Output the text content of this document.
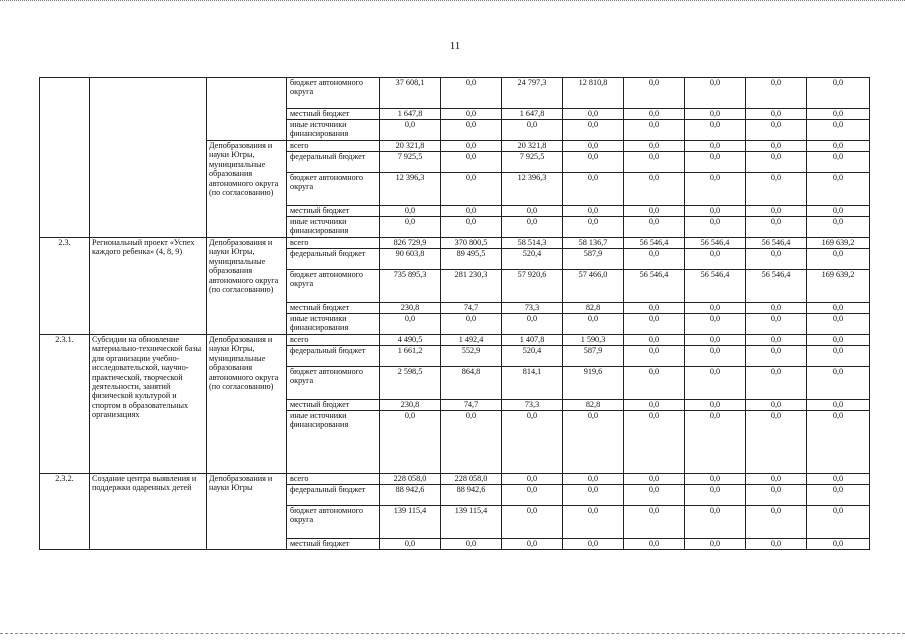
11
			бюджет автономного округа	37 608,1	0,0	24 797,3	12 810,8	0,0	0,0	0,0	0,0
			местный бюджет	1 647,8	0,0	1 647,8	0,0	0,0	0,0	0,0	0,0
			иные источники финансирования	0,0	0,0	0,0	0,0	0,0	0,0	0,0	0,0
		Депобразования и науки Югры, муниципальные образования автономного округа (по согласованию)	всего	20 321,8	0,0	20 321,8	0,0	0,0	0,0	0,0	0,0
			федеральный бюджет	7 925,5	0,0	7 925,5	0,0	0,0	0,0	0,0	0,0
			бюджет автономного округа	12 396,3	0,0	12 396,3	0,0	0,0	0,0	0,0	0,0
			местный бюджет	0,0	0,0	0,0	0,0	0,0	0,0	0,0	0,0
			иные источники финансирования	0,0	0,0	0,0	0,0	0,0	0,0	0,0	0,0
2.3.	Региональный проект «Успех каждого ребенка» (4, 8, 9)	Депобразования и науки Югры, муниципальные образования автономного округа (по согласованию)	всего	826 729,9	370 800,5	58 514,3	58 136,7	56 546,4	56 546,4	56 546,4	169 639,2
			федеральный бюджет	90 603,8	89 495,5	520,4	587,9	0,0	0,0	0,0	0,0
			бюджет автономного округа	735 895,3	281 230,3	57 920,6	57 466,0	56 546,4	56 546,4	56 546,4	169 639,2
			местный бюджет	230,8	74,7	73,3	82,8	0,0	0,0	0,0	0,0
			иные источники финансирования	0,0	0,0	0,0	0,0	0,0	0,0	0,0	0,0
2.3.1.	Субсидии на обновление материально-технической базы для организации учебно-исследовательской, научно-практической, творческой деятельности, занятий физической культурой и спортом в образовательных организациях	Депобразования и науки Югры, муниципальные образования автономного округа (по согласованию)	всего	4 490,5	1 492,4	1 407,8	1 590,3	0,0	0,0	0,0	0,0
			федеральный бюджет	1 661,2	552,9	520,4	587,9	0,0	0,0	0,0	0,0
			бюджет автономного округа	2 598,5	864,8	814,1	919,6	0,0	0,0	0,0	0,0
			местный бюджет	230,8	74,7	73,3	82,8	0,0	0,0	0,0	0,0
			иные источники финансирования	0,0	0,0	0,0	0,0	0,0	0,0	0,0	0,0
2.3.2.	Создание центра выявления и поддержки одаренных детей	Депобразования и науки Югры	всего	228 058,0	228 058,0	0,0	0,0	0,0	0,0	0,0	0,0
			федеральный бюджет	88 942,6	88 942,6	0,0	0,0	0,0	0,0	0,0	0,0
			бюджет автономного округа	139 115,4	139 115,4	0,0	0,0	0,0	0,0	0,0	0,0
			местный бюджет	0,0	0,0	0,0	0,0	0,0	0,0	0,0	0,0
